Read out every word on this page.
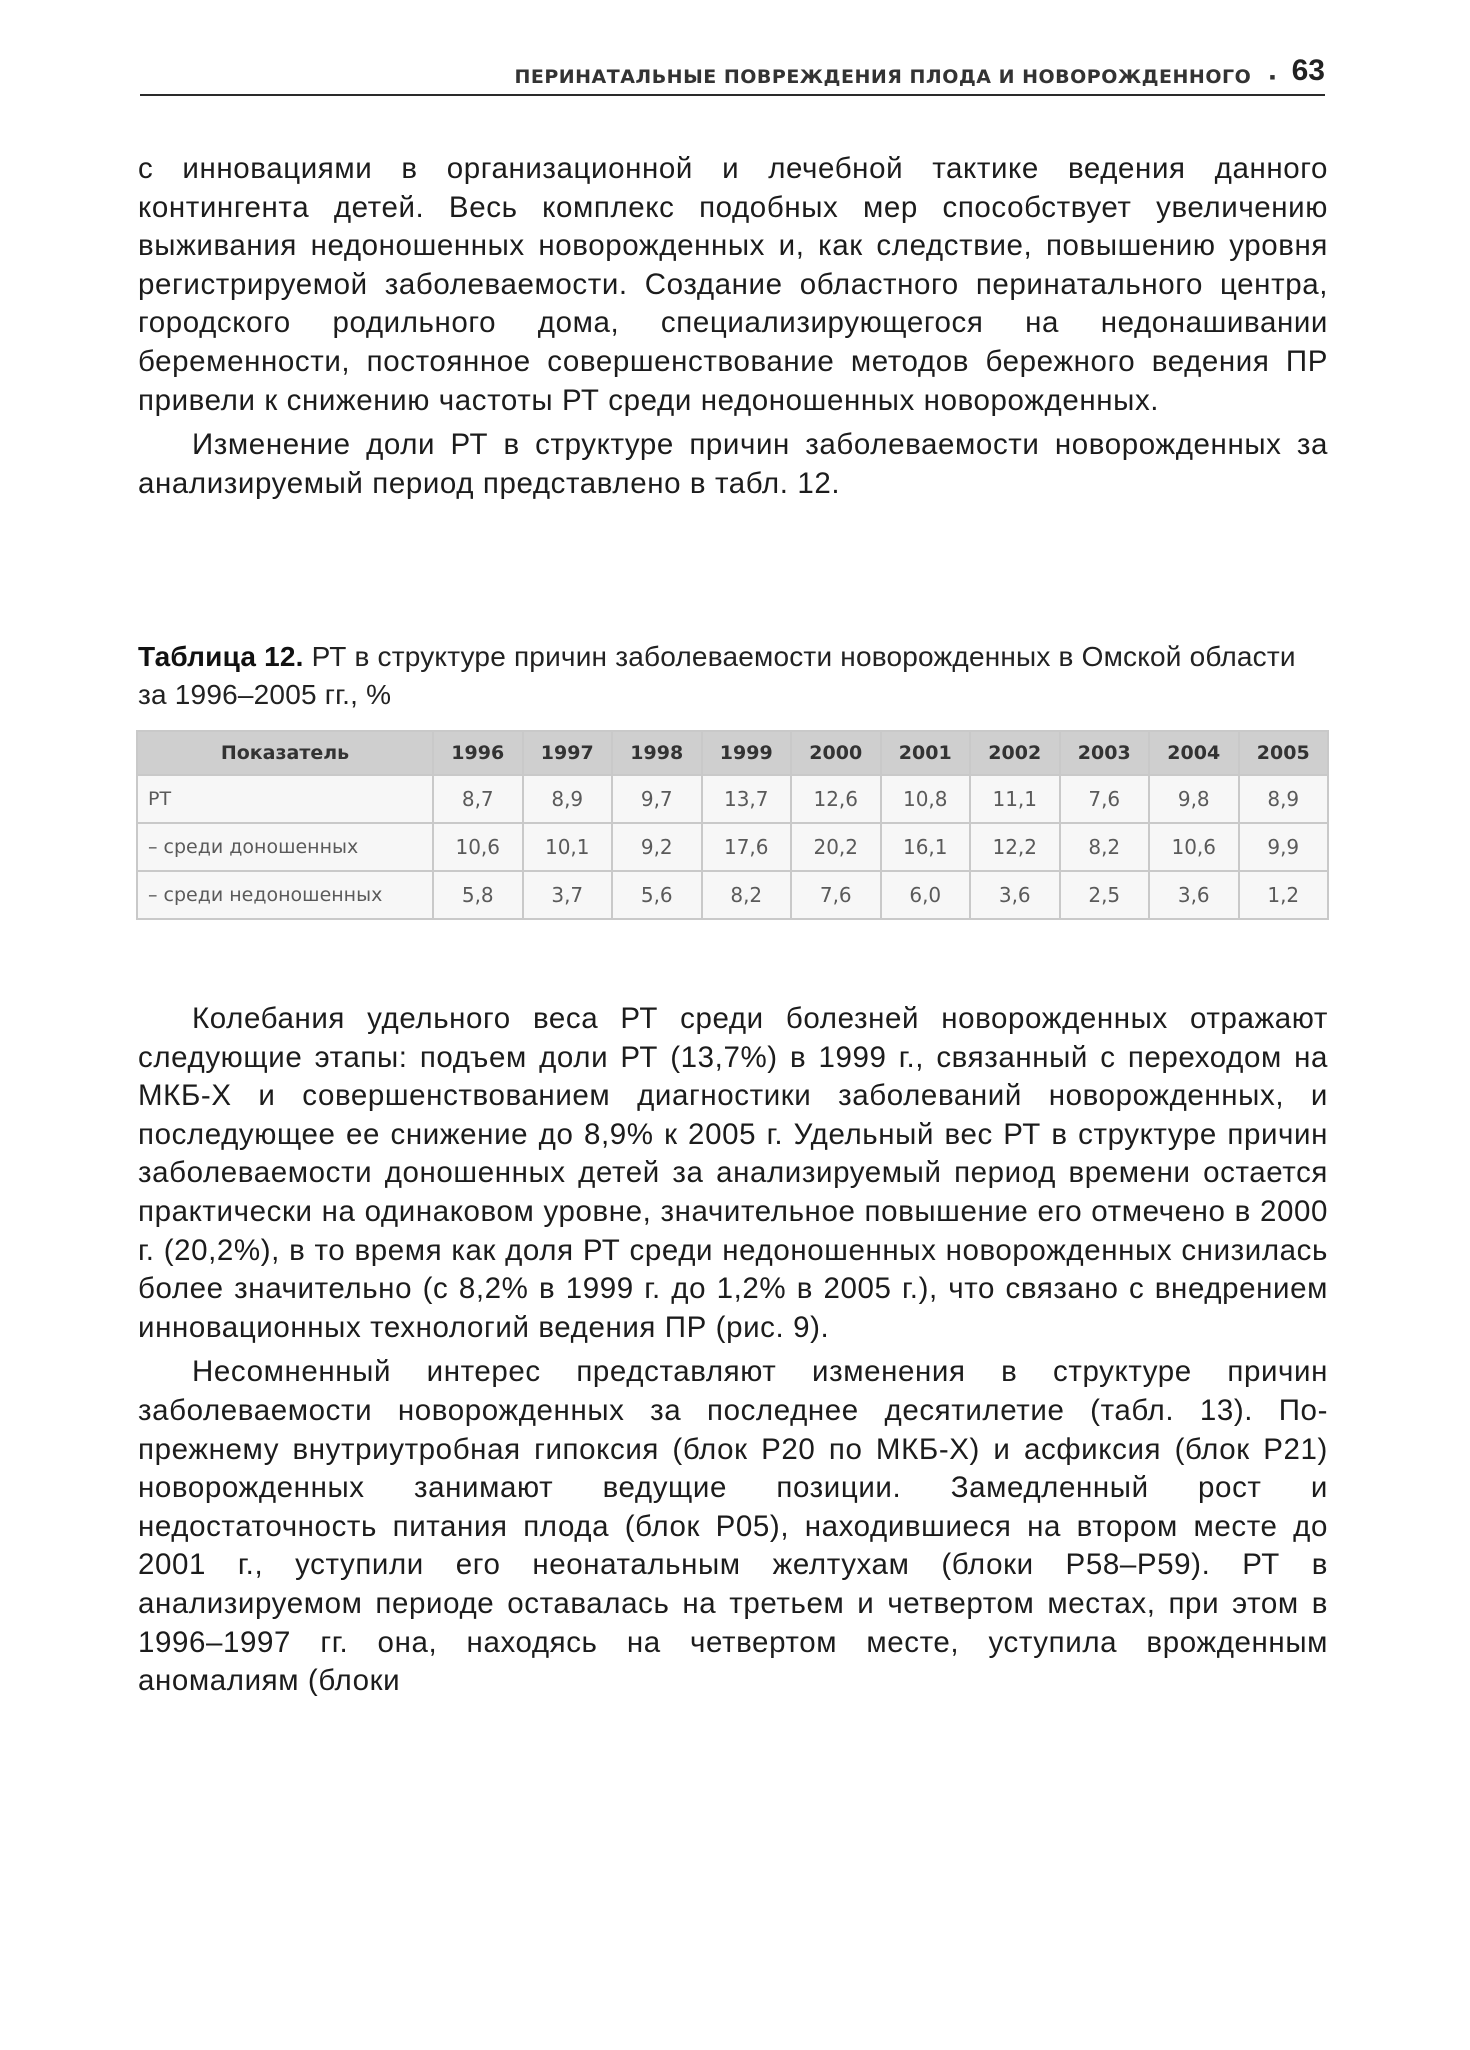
ПЕРИНАТАЛЬНЫЕ ПОВРЕЖДЕНИЯ ПЛОДА И НОВОРОЖДЕННОГО ▪ 63

с инновациями в организационной и лечебной тактике ведения данного контингента детей. Весь комплекс подобных мер способствует увеличению выживания недоношенных новорожденных и, как следствие, повышению уровня регистрируемой заболеваемости. Создание областного перинатального центра, городского родильного дома, специализирующегося на недонашивании беременности, постоянное совершенствование методов бережного ведения ПР привели к снижению частоты РТ среди недоношенных новорожденных.

Изменение доли РТ в структуре причин заболеваемости новорожденных за анализируемый период представлено в табл. 12.

Таблица 12. РТ в структуре причин заболеваемости новорожденных в Омской области за 1996–2005 гг., %
Показатель	1996	1997	1998	1999	2000	2001	2002	2003	2004	2005
РТ	8,7	8,9	9,7	13,7	12,6	10,8	11,1	7,6	9,8	8,9
– среди доношенных	10,6	10,1	9,2	17,6	20,2	16,1	12,2	8,2	10,6	9,9
– среди недоношенных	5,8	3,7	5,6	8,2	7,6	6,0	3,6	2,5	3,6	1,2

Колебания удельного веса РТ среди болезней новорожденных отражают следующие этапы: подъем доли РТ (13,7%) в 1999 г., связанный с переходом на МКБ-Х и совершенствованием диагностики заболеваний новорожденных, и последующее ее снижение до 8,9% к 2005 г. Удельный вес РТ в структуре причин заболеваемости доношенных детей за анализируемый период времени остается практически на одинаковом уровне, значительное повышение его отмечено в 2000 г. (20,2%), в то время как доля РТ среди недоношенных новорожденных снизилась более значительно (с 8,2% в 1999 г. до 1,2% в 2005 г.), что связано с внедрением инновационных технологий ведения ПР (рис. 9).

Несомненный интерес представляют изменения в структуре причин заболеваемости новорожденных за последнее десятилетие (табл. 13). По-прежнему внутриутробная гипоксия (блок Р20 по МКБ-Х) и асфиксия (блок Р21) новорожденных занимают ведущие позиции. Замедленный рост и недостаточность питания плода (блок Р05), находившиеся на втором месте до 2001 г., уступили его неонатальным желтухам (блоки Р58–Р59). РТ в анализируемом периоде оставалась на третьем и четвертом местах, при этом в 1996–1997 гг. она, находясь на четвертом месте, уступила врожденным аномалиям (блоки
